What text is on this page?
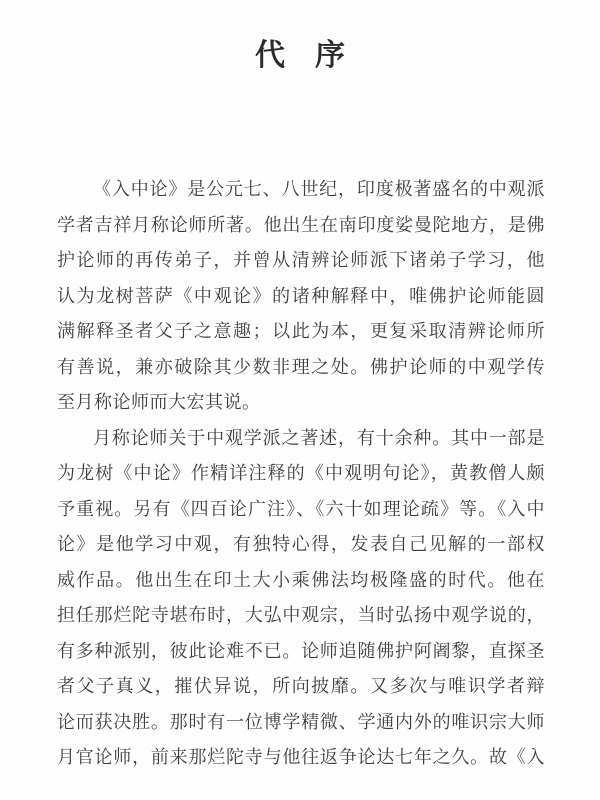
代　序
《入中论》是公元七、八世纪，印度极著盛名的中观派
学者吉祥月称论师所著。他出生在南印度娑曼陀地方，是佛
护论师的再传弟子，并曾从清辨论师派下诸弟子学习，他
认为龙树菩萨《中观论》的诸种解释中，唯佛护论师能圆
满解释圣者父子之意趣；以此为本，更复采取清辨论师所
有善说，兼亦破除其少数非理之处。佛护论师的中观学传
至月称论师而大宏其说。
月称论师关于中观学派之著述，有十余种。其中一部是
为龙树《中论》作精详注释的《中观明句论》，黄教僧人颇
予重视。另有《四百论广注》、《六十如理论疏》等。《入中
论》是他学习中观，有独特心得，发表自己见解的一部权
威作品。他出生在印土大小乘佛法均极隆盛的时代。他在
担任那烂陀寺堪布时，大弘中观宗，当时弘扬中观学说的，
有多种派别，彼此论难不已。论师追随佛护阿阇黎，直探圣
者父子真义，摧伏异说，所向披靡。又多次与唯识学者辩
论而获决胜。那时有一位博学精微、学通内外的唯识宗大师
月官论师，前来那烂陀寺与他往返争论达七年之久。故《入
